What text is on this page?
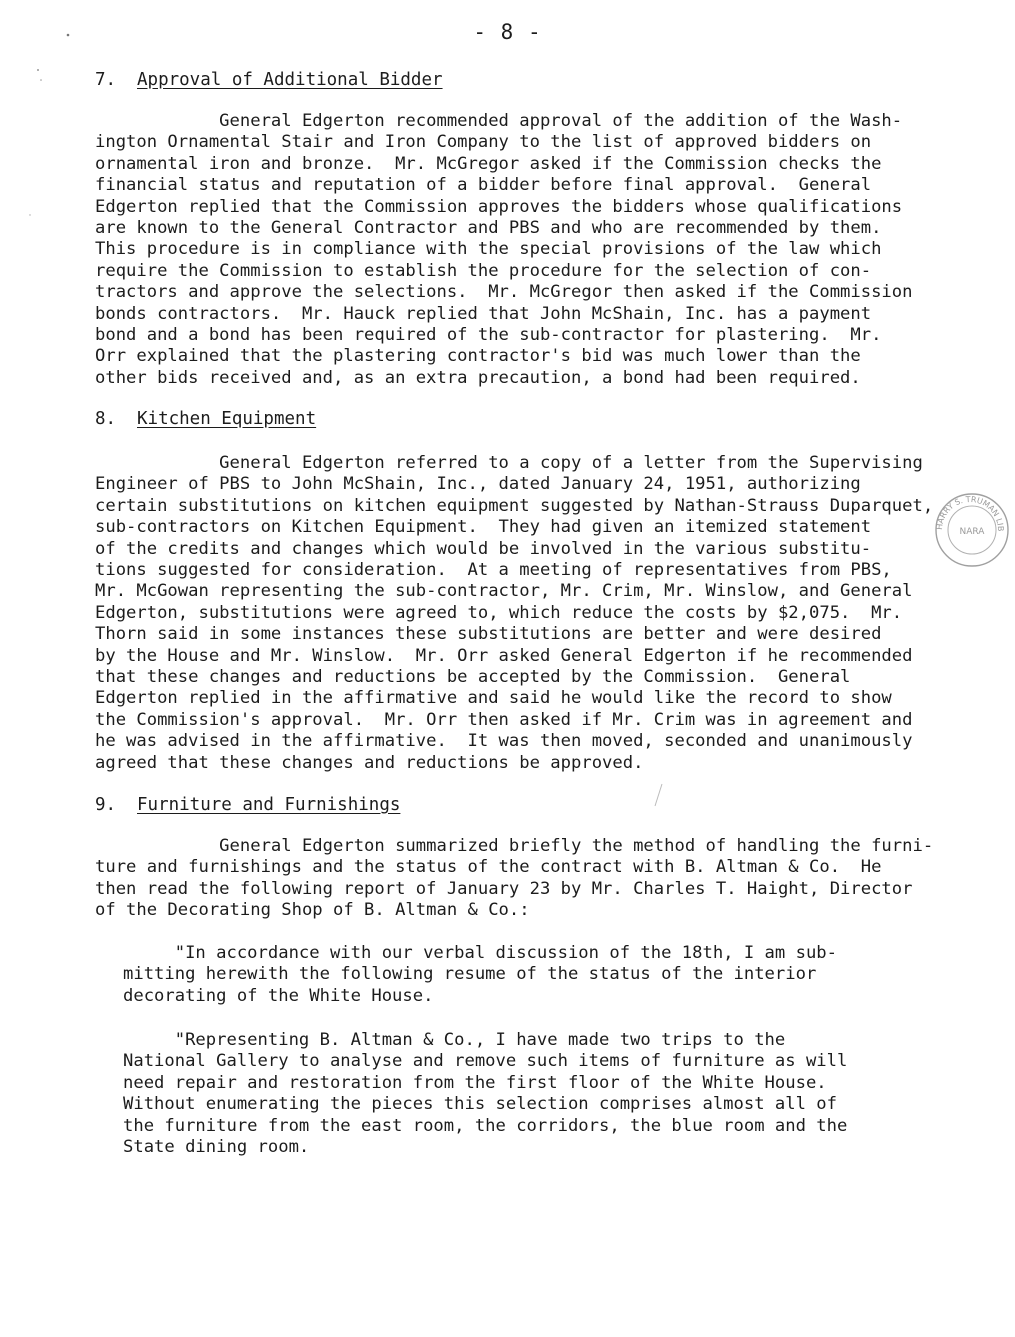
- 8 -
7. Approval of Additional Bidder
General Edgerton recommended approval of the addition of the Wash-
ington Ornamental Stair and Iron Company to the list of approved bidders on
ornamental iron and bronze.  Mr. McGregor asked if the Commission checks the
financial status and reputation of a bidder before final approval.  General
Edgerton replied that the Commission approves the bidders whose qualifications
are known to the General Contractor and PBS and who are recommended by them.
This procedure is in compliance with the special provisions of the law which
require the Commission to establish the procedure for the selection of con-
tractors and approve the selections.  Mr. McGregor then asked if the Commission
bonds contractors.  Mr. Hauck replied that John McShain, Inc. has a payment
bond and a bond has been required of the sub-contractor for plastering.  Mr.
Orr explained that the plastering contractor's bid was much lower than the
other bids received and, as an extra precaution, a bond had been required.
8. Kitchen Equipment
General Edgerton referred to a copy of a letter from the Supervising
Engineer of PBS to John McShain, Inc., dated January 24, 1951, authorizing
certain substitutions on kitchen equipment suggested by Nathan-Strauss Duparquet,
sub-contractors on Kitchen Equipment.  They had given an itemized statement
of the credits and changes which would be involved in the various substitu-
tions suggested for consideration.  At a meeting of representatives from PBS,
Mr. McGowan representing the sub-contractor, Mr. Crim, Mr. Winslow, and General
Edgerton, substitutions were agreed to, which reduce the costs by $2,075.  Mr.
Thorn said in some instances these substitutions are better and were desired
by the House and Mr. Winslow.  Mr. Orr asked General Edgerton if he recommended
that these changes and reductions be accepted by the Commission.  General
Edgerton replied in the affirmative and said he would like the record to show
the Commission's approval.  Mr. Orr then asked if Mr. Crim was in agreement and
he was advised in the affirmative.  It was then moved, seconded and unanimously
agreed that these changes and reductions be approved.
9. Furniture and Furnishings
General Edgerton summarized briefly the method of handling the furni-
ture and furnishings and the status of the contract with B. Altman & Co.  He
then read the following report of January 23 by Mr. Charles T. Haight, Director
of the Decorating Shop of B. Altman & Co.:
"In accordance with our verbal discussion of the 18th, I am sub-
mitting herewith the following resume of the status of the interior
decorating of the White House.
"Representing B. Altman & Co., I have made two trips to the
National Gallery to analyse and remove such items of furniture as will
need repair and restoration from the first floor of the White House.
Without enumerating the pieces this selection comprises almost all of
the furniture from the east room, the corridors, the blue room and the
State dining room.
HARRY S. TRUMAN LIB
NARA
